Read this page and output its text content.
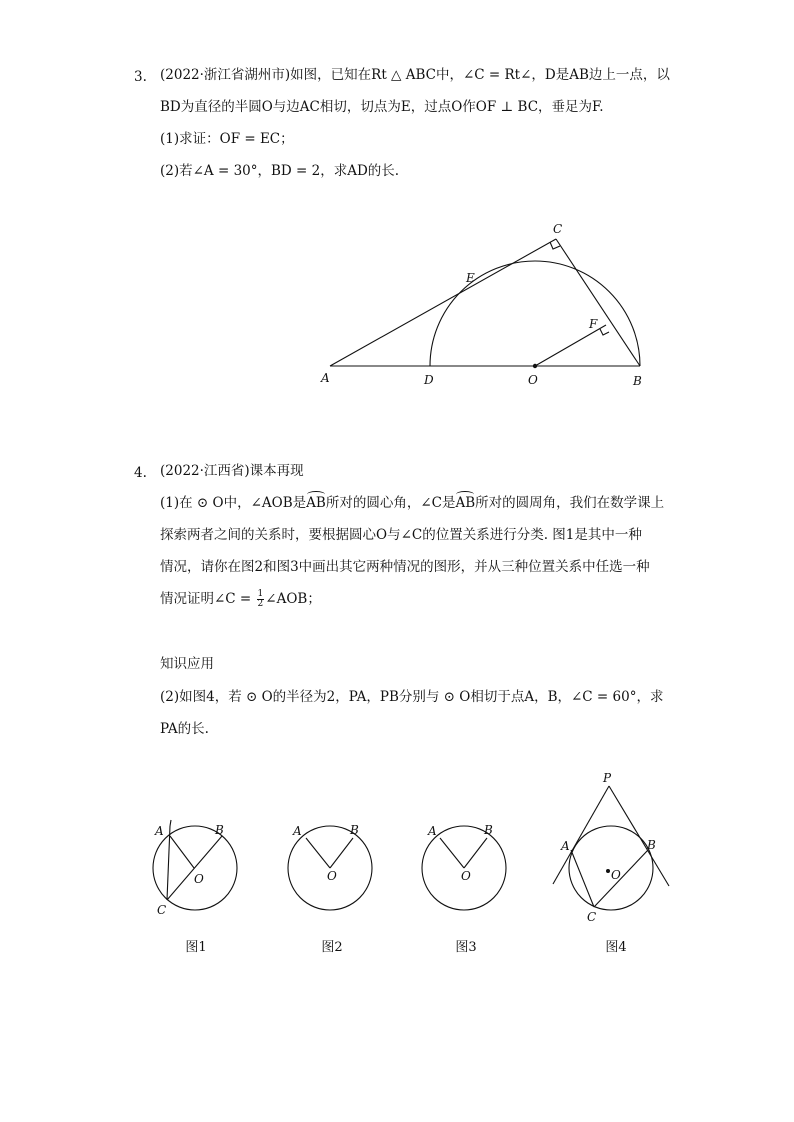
3. (2022·浙江省湖州市)如图，已知在Rt △ ABC中，∠C = Rt∠，D是AB边上一点，以
BD为直径的半圆O与边AC相切，切点为E，过点O作OF ⊥ BC，垂足为F.
(1)求证：OF = EC；
(2)若∠A = 30°，BD = 2，求AD的长.
A	D	O	B
C
E
F
4. (2022·江西省)课本再现
(1)在 ⊙ O中，∠AOB是AB所对的圆心角，∠C是AB所对的圆周角，我们在数学课上
探索两者之间的关系时，要根据圆心O与∠C的位置关系进行分类. 图1是其中一种
情况，请你在图2和图3中画出其它两种情况的图形，并从三种位置关系中任选一种
情况证明∠C = $\frac{1}{2}$ ∠AOB；
知识应用
(2)如图4，若 ⊙ O的半径为2，PA，PB分别与 ⊙ O相切于点A，B，∠C = 60°，求
PA的长.
A	B
O
C
A	B
O
A	B
O
P
A	B
O
C
图1	图2	图3	图4
